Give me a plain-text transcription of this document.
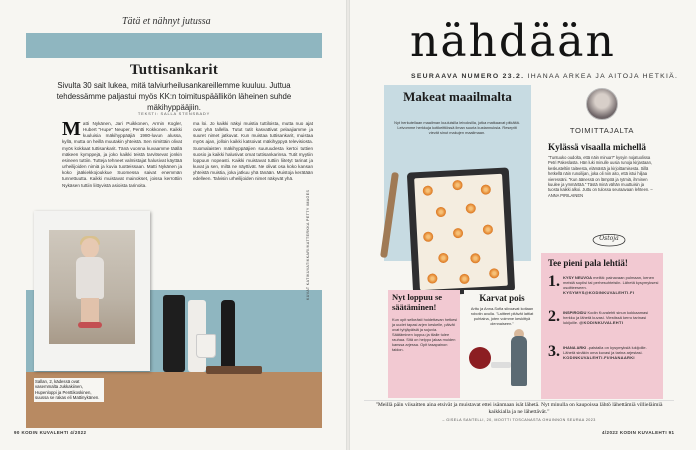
Tätä et nähnyt jutussa
Tuttisankarit
Sivulta 30 sait lukea, mitä talviurheilusankareillemme kuuluu. Juttua tehdessämme paljastui myös KK:n toimituspäällikön läheinen suhde mäkihyppääjiin.
TEKSTI: SALLA STENSBADY
M atti Nykänen, Jari Puikkonen, Armin Kogler, Hubert "Hupe" Neuper, Pentti Kokkonen. Kaikki kuuluisia mäkihyppääjiä 1980-luvun alussa, kyllä, mutta on heillä muutakin yhteistä. Sen nimittäin olivat myös kokkaat tuttisankarit. Tänä vuonna kuvaamme täällä mäkeen kymppejä, ja joko kaikki teistä tarvitsevat jonkin esineen tuttiin. Tutteja tehneet valmistajat halusivat käyttää urheilijoiden nimiä ja kuvia tuotteissaan. Matti Nykänen ja koko jääkiekkojoukkue Suomessa saivat enemmän tunnettuutta. Kaikki muistavat mainokset, joissa kerrottiin Nykäsen tuttiin liittyvistä asioista tarinoita.
ma loi. Jo kaikki näkyi muistia tuttiloista, mutta nuo ajat ovat yhä tallella. Tutut tutit kasvattivat pelaajiamme ja suuret nimet jatkuvat. Kun muistaa tuttisankarit, muistaa myös ajan, jolloin kaikki katsoivat mäkihyppyä televisiosta. Suomalaisten mäkihyppääjien suuruudesta kertoi tuttien suosio ja kaikki halusivat omat tuttisankarinsa. Tutit myytiin loppuun nopeasti. Kaikki muistavat tuttiin liitetyt tarinat ja kuvat ja sen, miltä ne näyttivät. Ne olivat osa koko kansan yhteistä muistia, joka jatkuu yhä tänään. Muistoja kerätään edelleen. Talvisin urheilijoiden nimet näkyvät yhä.
Sallan, 2, kädessä ovat vasemmalta Jukkakiinen, Hupenloppi ja Penttikoskinen, suussa se rakas eli Mattinykänen.
KUVAT KATIKUVATIKKARI/KATTERKKA PETTY IMAGES
90 KODIN KUVALEHTI 4/2022
nähdään
SEURAAVA NUMERO 23.2. IHANAA ARKEA JA AITOJA HETKIÄ.
Makeat maailmalta
Nyt herkutellaan maailman kuuluisilla leivoksilla, jotka matkaavat pitkältä. Leivomme herkkuja kotikeittiössä ilman suuria kustannuksia. Reseptit vievät sinut makujen maailmaan.	TOIMITTAJALTA
Kylässä visaalla michellä
"Tuntuuko oudolta, että näin minua?" kysyin nojatuolissa Petri Pakeslasta. Hän luki minulle uusia runoja kirjastaan, keskusteltiin taiteesta, elämästä ja kirjoittamisesta. Sillä hetkellä näin runoilijan, joka oli niin aito, että istui hiljaa vieressäni. "Kun äänessä on lämpöä ja rytmiä, ihminen kuulee ja ymmärtää." Tästä minä vähän muuttuisin ja tuosta kaikki alkoi. Juttu on tulossa seuraavaan lehteen. – ANNA PIRILAINEN
Ostoja
Tee pieni pala lehtiä!
1. KYSY NEUVOA meiltä: painavaan pulmaan, kenen meistä sopiisi tai perhesuhteisiin. Lähetä kysymyksesi osoitteeseen. KYSYMYS@KODINKUVALEHTI.FI
2. INSPIROIDU Kodin Kuvalehti sinun kokkaamasi herkku ja lähetä kuvasi. Viestissä kerro tarinasi lukijoille. @KODINKUVALEHTI
3. IHANA ARKI -palstalla on kysymyksiä lukijoille. Lähetä sinäkin oma kuvasi ja tarina arjestasi. KODINKUVALEHTI.FI/IHANAARKI
Nyt loppuu se säätäminen!
Kun opit selkeästi hoidettavan hetkesi ja uudet tapasi arjen keskelle, päivät ovat tyhjäpäisiä ja sujuvia. Säätäminen loppuu ja tilalle tulee rauhaa. Sitä on helppo jakaa muiden kanssa arjessa. Opit tasapainon taidon.
Karvat pois
Arttu ja Anna-Sofia siivoavat kotiaan robotin avulla. "Laitteet pitävät lattiat puhtaina, joten voimme keskittyä olennaiseen."
"Meillä päin viisaitten aina etsivät ja muistavat ettei isänmaan isät lähetä. Nyt minulla on kaupoissa lähtö lähettämiä villieläimiä kaikkialla ja ne lähettävät."
– GISELA SANTELLI, 20, MOOTTI TOSCANASTA OHUINNON SEURAA 2023
4/2022 KODIN KUVALEHTI 91
